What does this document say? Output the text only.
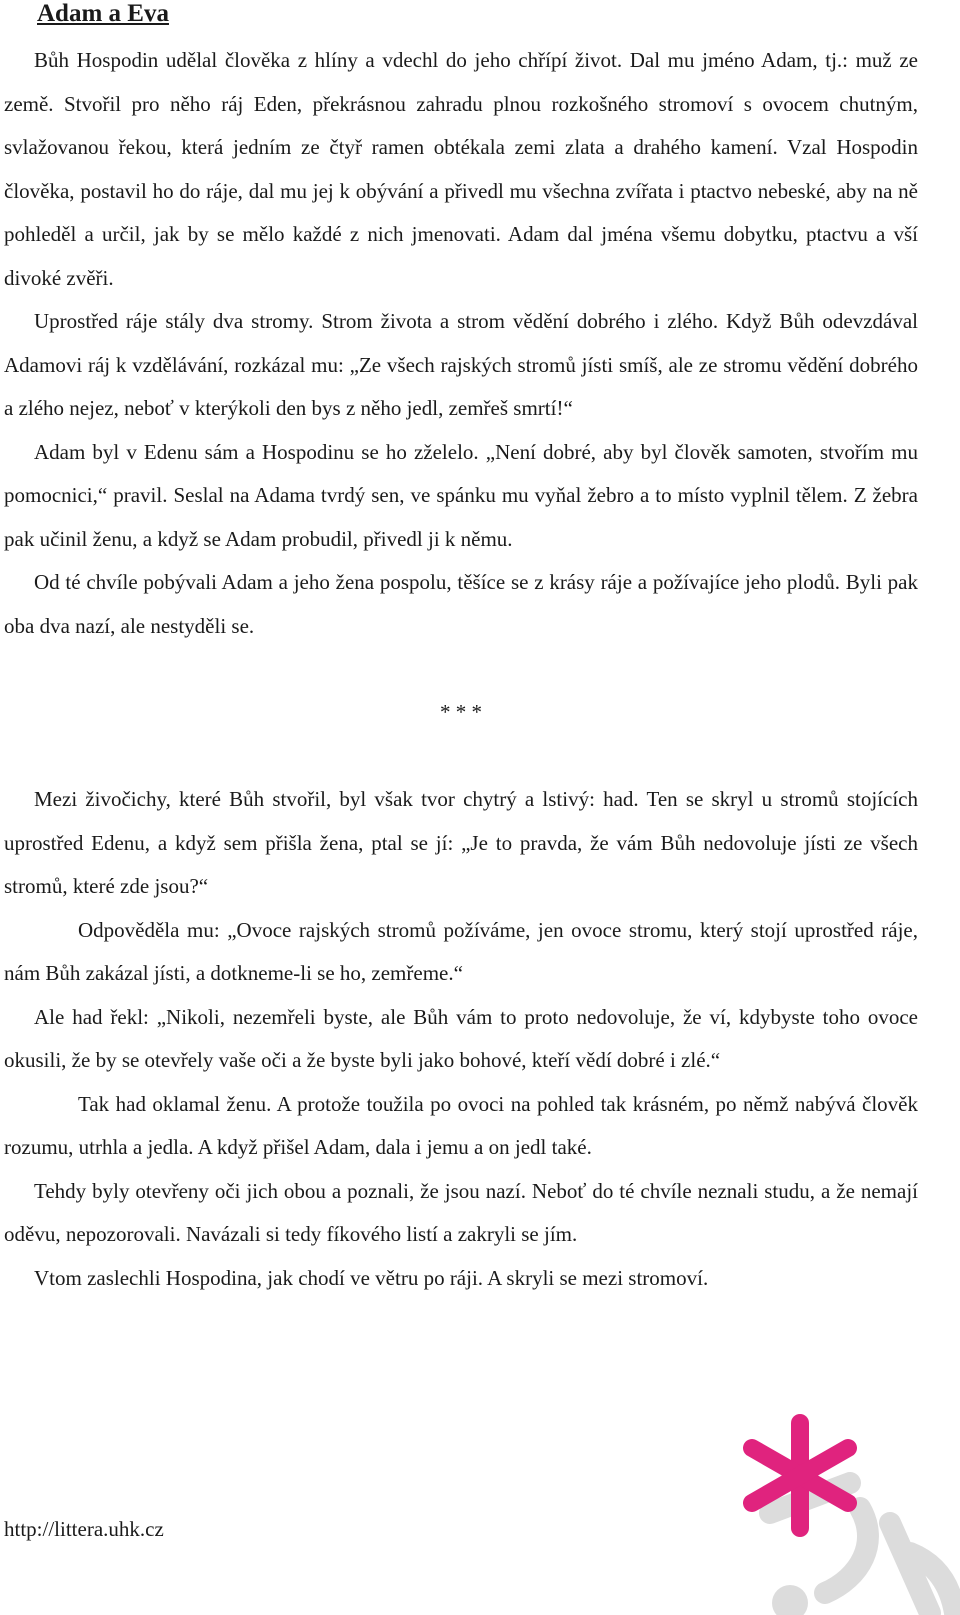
Adam a Eva

Bůh Hospodin udělal člověka z hlíny a vdechl do jeho chřípí život. Dal mu jméno Adam, tj.: muž ze země. Stvořil pro něho ráj Eden, překrásnou zahradu plnou rozkošného stromoví s ovocem chutným, svlažovanou řekou, která jedním ze čtyř ramen obtékala zemi zlata a drahého kamení. Vzal Hospodin člověka, postavil ho do ráje, dal mu jej k obývání a přivedl mu všechna zvířata i ptactvo nebeské, aby na ně pohleděl a určil, jak by se mělo každé z nich jmenovati. Adam dal jména všemu dobytku, ptactvu a vší divoké zvěři.

Uprostřed ráje stály dva stromy. Strom života a strom vědění dobrého i zlého. Když Bůh odevzdával Adamovi ráj k vzdělávání, rozkázal mu: „Ze všech rajských stromů jísti smíš, ale ze stromu vědění dobrého a zlého nejez, neboť v kterýkoli den bys z něho jedl, zemřeš smrtí!“

Adam byl v Edenu sám a Hospodinu se ho zželelo. „Není dobré, aby byl člověk samoten, stvořím mu pomocnici,“ pravil. Seslal na Adama tvrdý sen, ve spánku mu vyňal žebro a to místo vyplnil tělem. Z žebra pak učinil ženu, a když se Adam probudil, přivedl ji k němu.

Od té chvíle pobývali Adam a jeho žena pospolu, těšíce se z krásy ráje a požívajíce jeho plodů. Byli pak oba dva nazí, ale nestyděli se.

* * *

Mezi živočichy, které Bůh stvořil, byl však tvor chytrý a lstivý: had. Ten se skryl u stromů stojících uprostřed Edenu, a když sem přišla žena, ptal se jí: „Je to pravda, že vám Bůh nedovoluje jísti ze všech stromů, které zde jsou?“

Odpověděla mu: „Ovoce rajských stromů požíváme, jen ovoce stromu, který stojí uprostřed ráje, nám Bůh zakázal jísti, a dotkneme-li se ho, zemřeme.“

Ale had řekl: „Nikoli, nezemřeli byste, ale Bůh vám to proto nedovoluje, že ví, kdybyste toho ovoce okusili, že by se otevřely vaše oči a že byste byli jako bohové, kteří vědí dobré i zlé.“

Tak had oklamal ženu. A protože toužila po ovoci na pohled tak krásném, po němž nabývá člověk rozumu, utrhla a jedla. A když přišel Adam, dala i jemu a on jedl také.

Tehdy byly otevřeny oči jich obou a poznali, že jsou nazí. Neboť do té chvíle neznali studu, a že nemají oděvu, nepozorovali. Navázali si tedy fíkového listí a zakryli se jím.

Vtom zaslechli Hospodina, jak chodí ve větru po ráji. A skryli se mezi stromoví.

http://littera.uhk.cz
